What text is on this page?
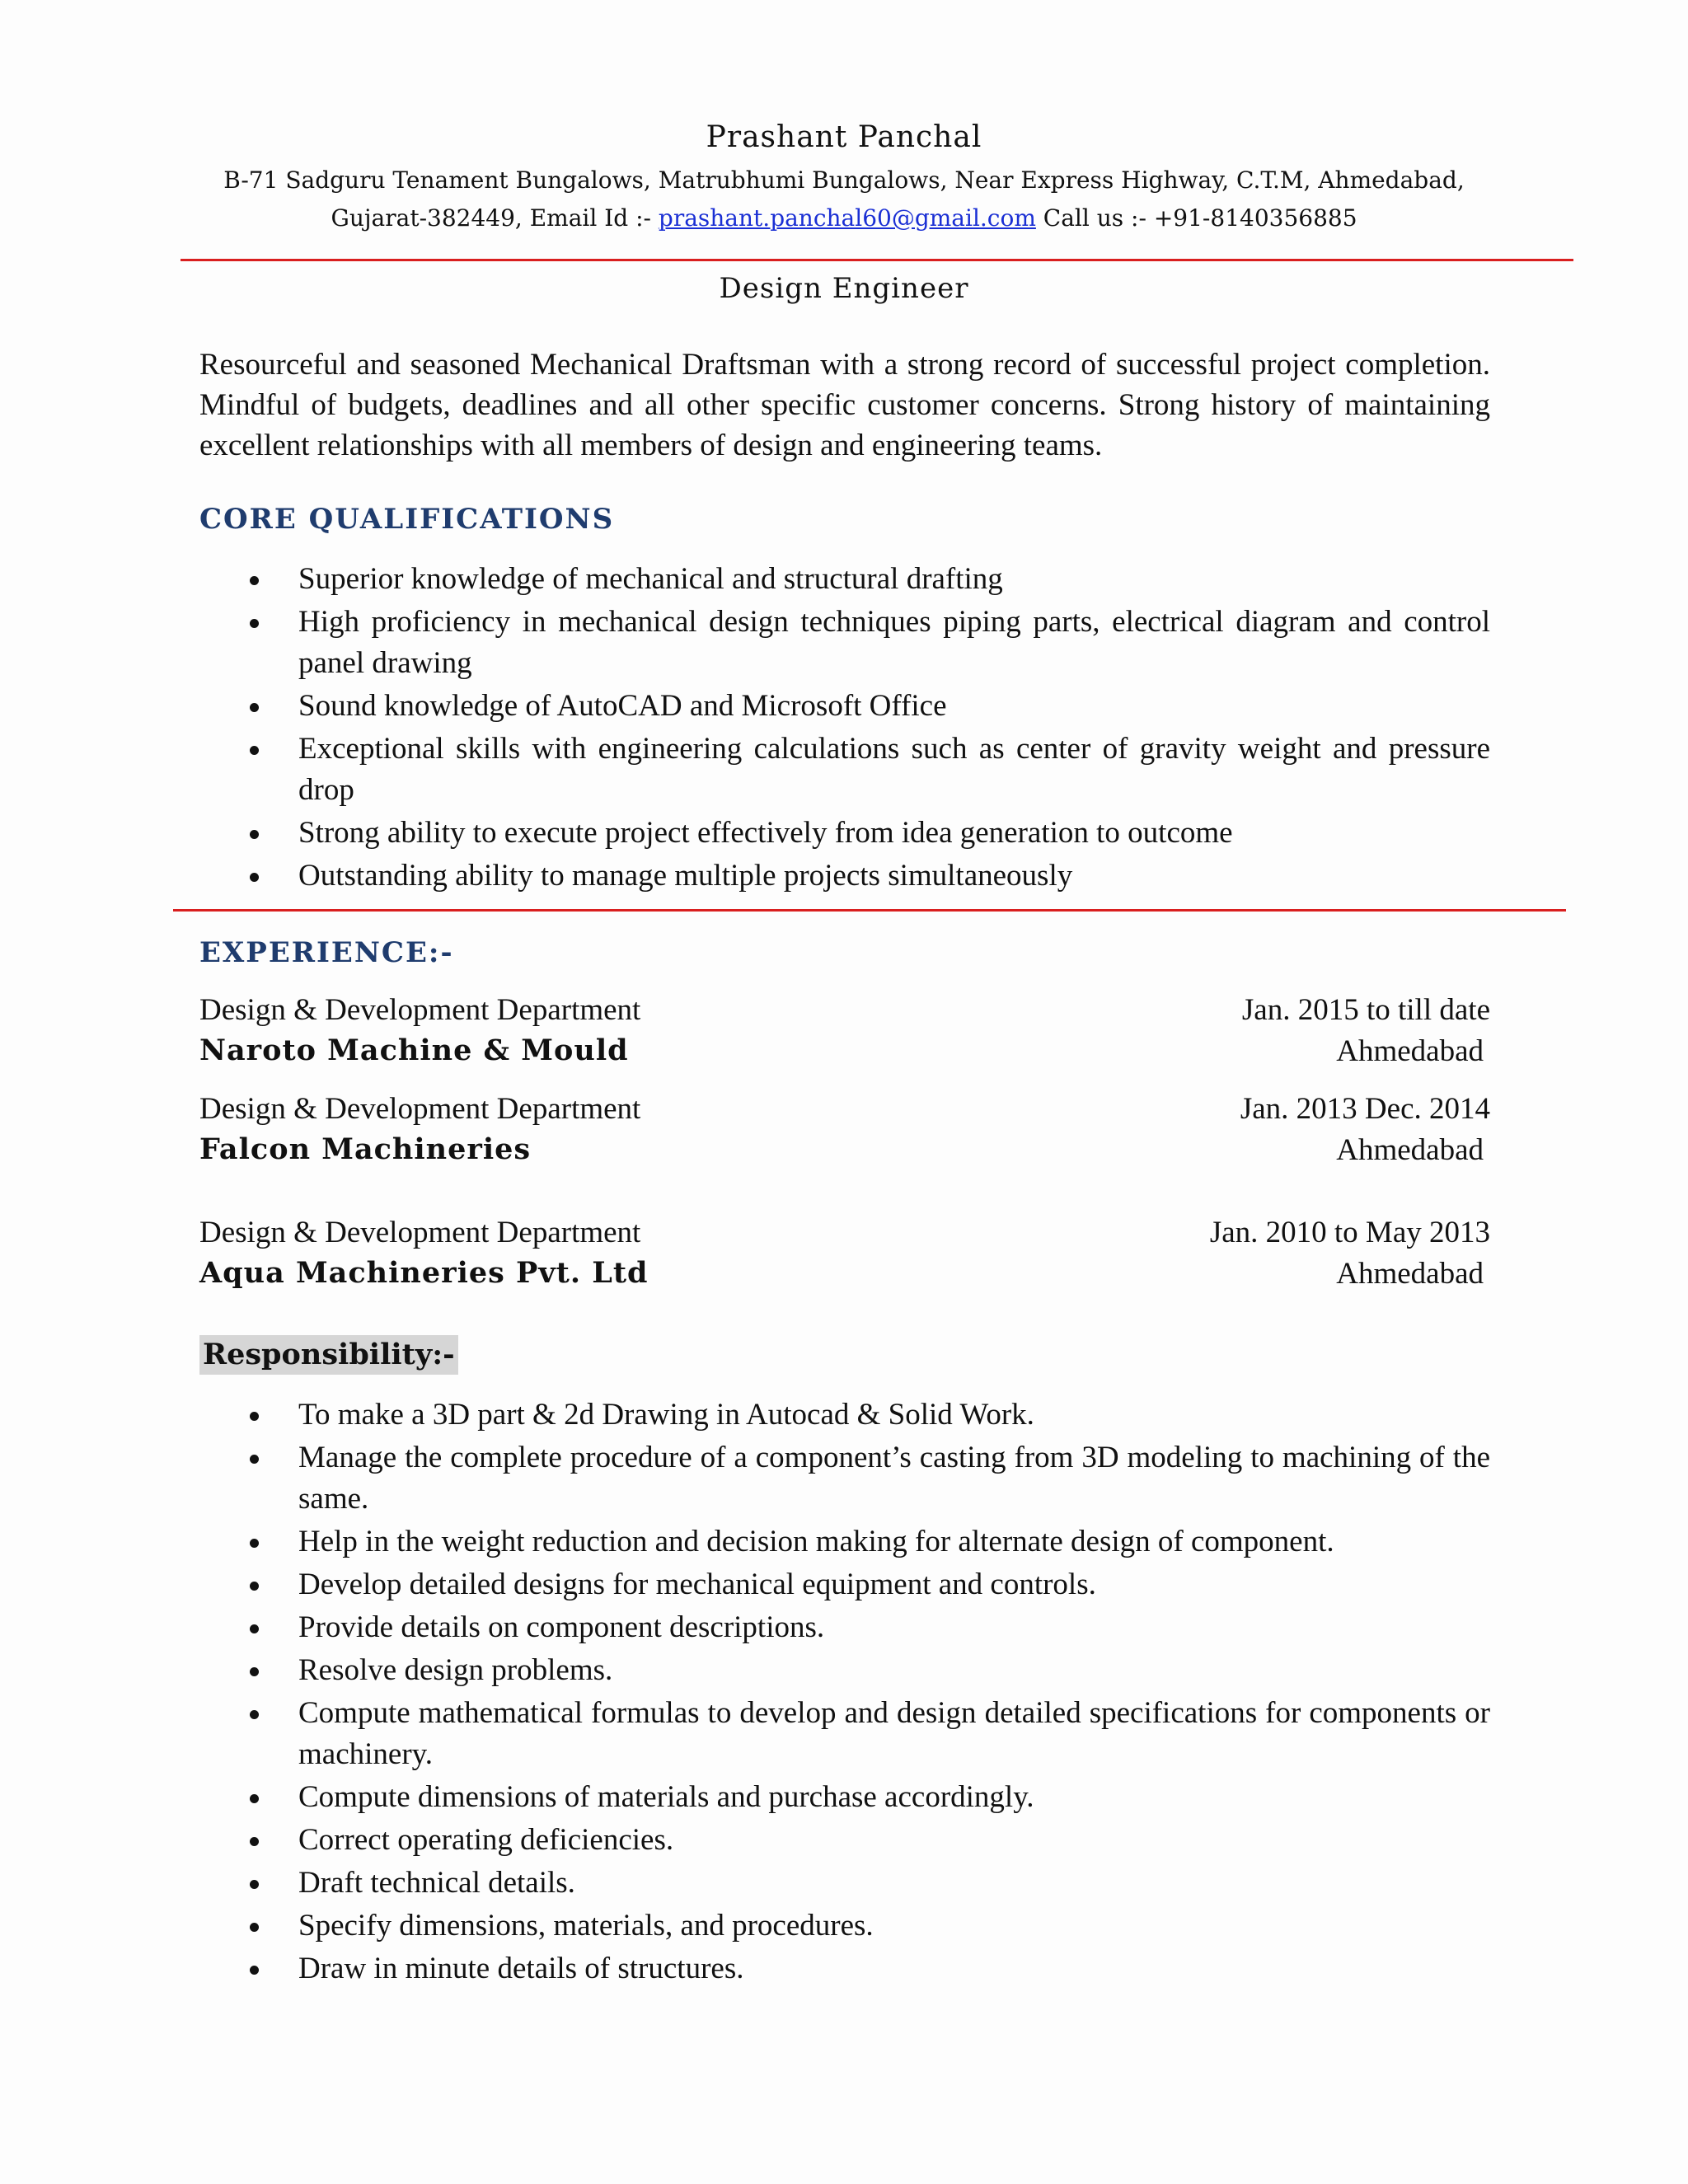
Prashant Panchal
B-71 Sadguru Tenament Bungalows, Matrubhumi Bungalows, Near Express Highway, C.T.M, Ahmedabad,
Gujarat-382449, Email Id :- prashant.panchal60@gmail.com Call us :- +91-8140356885
Design Engineer
Resourceful and seasoned Mechanical Draftsman with a strong record of successful project completion. Mindful of budgets, deadlines and all other specific customer concerns. Strong history of maintaining excellent relationships with all members of design and engineering teams.
CORE QUALIFICATIONS
Superior knowledge of mechanical and structural drafting
High proficiency in mechanical design techniques piping parts, electrical diagram and control panel drawing
Sound knowledge of AutoCAD and Microsoft Office
Exceptional skills with engineering calculations such as center of gravity weight and pressure drop
Strong ability to execute project effectively from idea generation to outcome
Outstanding ability to manage multiple projects simultaneously
EXPERIENCE:-
Design & Development Department	Jan. 2015 to till date
Naroto Machine & Mould	Ahmedabad
Design & Development Department	Jan. 2013 Dec. 2014
Falcon Machineries	Ahmedabad
Design & Development Department	Jan. 2010 to May 2013
Aqua Machineries Pvt. Ltd	Ahmedabad
Responsibility:-
To make a 3D part & 2d Drawing in Autocad & Solid Work.
Manage the complete procedure of a component’s casting from 3D modeling to machining of the same.
Help in the weight reduction and decision making for alternate design of component.
Develop detailed designs for mechanical equipment and controls.
Provide details on component descriptions.
Resolve design problems.
Compute mathematical formulas to develop and design detailed specifications for components or machinery.
Compute dimensions of materials and purchase accordingly.
Correct operating deficiencies.
Draft technical details.
Specify dimensions, materials, and procedures.
Draw in minute details of structures.
